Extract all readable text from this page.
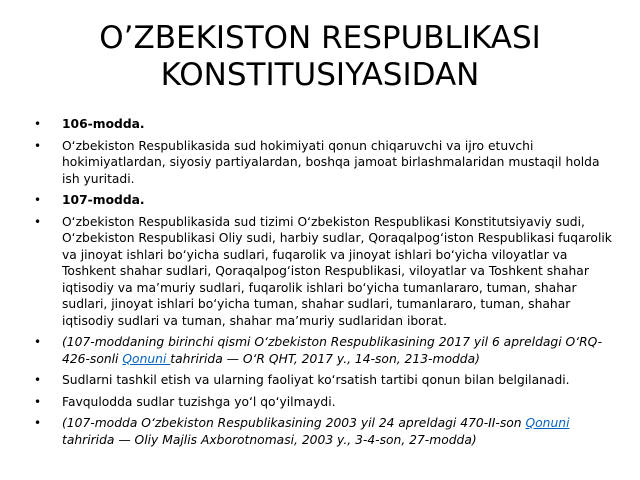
O’ZBEKISTON RESPUBLIKASI KONSTITUSIYASIDAN
• 106-modda.
• O‘zbekiston Respublikasida sud hokimiyati qonun chiqaruvchi va ijro etuvchi hokimiyatlardan, siyosiy partiyalardan, boshqa jamoat birlashmalaridan mustaqil holda ish yuritadi.
• 107-modda.
• O‘zbekiston Respublikasida sud tizimi O‘zbekiston Respublikasi Konstitutsiyaviy sudi, O‘zbekiston Respublikasi Oliy sudi, harbiy sudlar, Qoraqalpog‘iston Respublikasi fuqarolik va jinoyat ishlari bo‘yicha sudlari, fuqarolik va jinoyat ishlari bo‘yicha viloyatlar va Toshkent shahar sudlari, Qoraqalpog‘iston Respublikasi, viloyatlar va Toshkent shahar iqtisodiy va ma’muriy sudlari, fuqarolik ishlari bo‘yicha tumanlararo, tuman, shahar sudlari, jinoyat ishlari bo‘yicha tuman, shahar sudlari, tumanlararo, tuman, shahar iqtisodiy sudlari va tuman, shahar ma’muriy sudlaridan iborat.
• (107-moddaning birinchi qismi O‘zbekiston Respublikasining 2017 yil 6 apreldagi O‘RQ-426-sonli Qonuni tahririda — O‘R QHT, 2017 y., 14-son, 213-modda)
• Sudlarni tashkil etish va ularning faoliyat ko‘rsatish tartibi qonun bilan belgilanadi.
• Favqulodda sudlar tuzishga yo‘l qo‘yilmaydi.
• (107-modda O‘zbekiston Respublikasining 2003 yil 24 apreldagi 470-II-son Qonuni tahririda — Oliy Majlis Axborotnomasi, 2003 y., 3-4-son, 27-modda)
